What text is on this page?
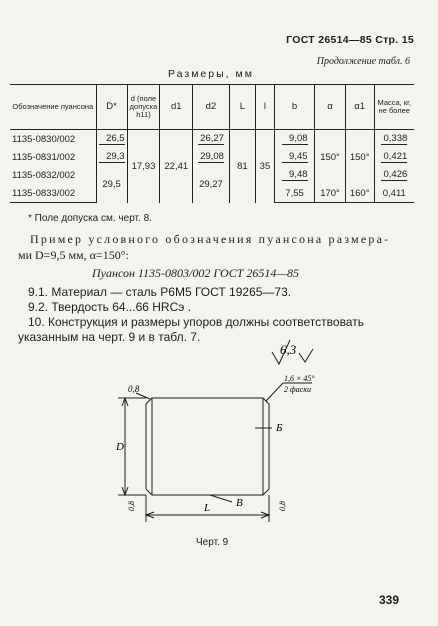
ГОСТ 26514—85 Стр. 15
Продолжение табл. 6
Размеры, мм
Обозначение пуансона	D*	d (поле допуска h11)	d1	d2	L	l	b	α	α1	Масса, кг, не более
1135-0830/002	26,5	17,93	22,41	26,27	81	35	9,08	150°	150°	0,338
1135-0831/002	29,3			29,08			9,45			0,421
1135-0832/002	29,5			29,27			9,48			0,426
1135-0833/002							7,55	170°	160°	0,411
* Поле допуска см. черт. 8.
Пример условного обозначения пуансона размера-
ми D=9,5 мм, α=150°:
Пуансон 1135-0803/002 ГОСТ 26514—85
9.1. Материал — сталь Р6М5 ГОСТ 19265—73.
9.2. Твердость 64...66 HRCэ .
10. Конструкция и размеры упоров должны соответствовать
указанным на черт. 9 и в табл. 7.
6,3
0,8
1,6 × 45°
2 фаски
D
Б
В
L
0,8	0,8
Черт. 9
339
